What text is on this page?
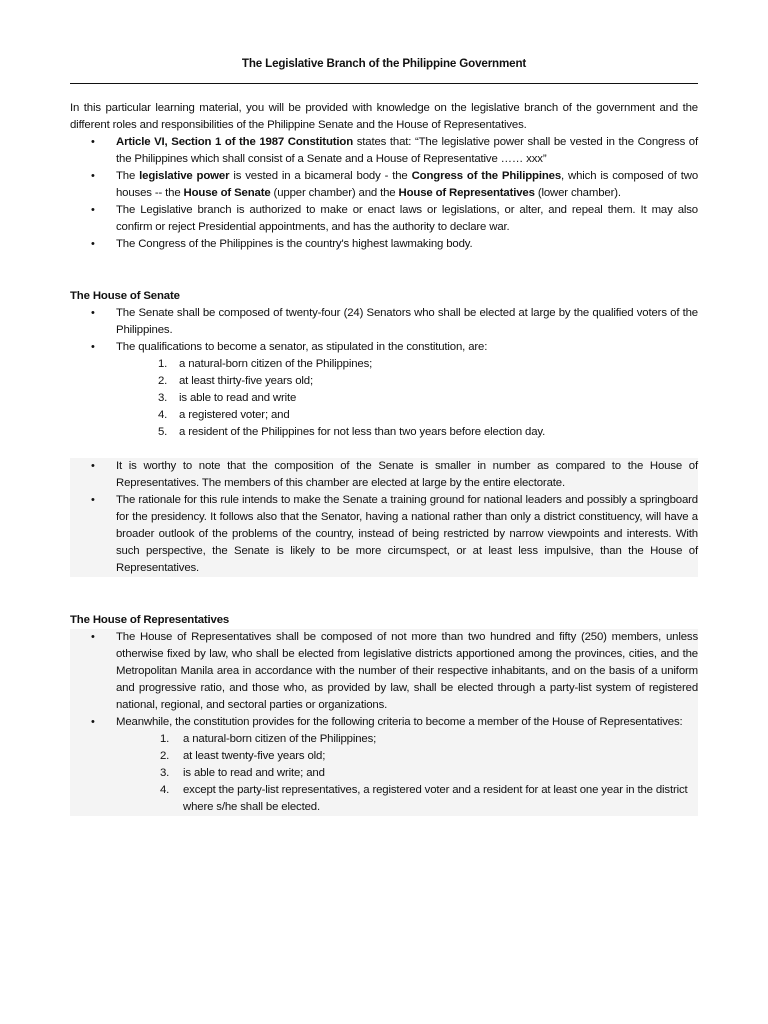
The Legislative Branch of the Philippine Government

In this particular learning material, you will be provided with knowledge on the legislative branch of the government and the different roles and responsibilities of the Philippine Senate and the House of Representatives.

• Article VI, Section 1 of the 1987 Constitution states that: “The legislative power shall be vested in the Congress of the Philippines which shall consist of a Senate and a House of Representative …… xxx”
• The legislative power is vested in a bicameral body - the Congress of the Philippines, which is composed of two houses -- the House of Senate (upper chamber) and the House of Representatives (lower chamber).
• The Legislative branch is authorized to make or enact laws or legislations, or alter, and repeal them. It may also confirm or reject Presidential appointments, and has the authority to declare war.
• The Congress of the Philippines is the country's highest lawmaking body.
The House of Senate
• The Senate shall be composed of twenty-four (24) Senators who shall be elected at large by the qualified voters of the Philippines.
• The qualifications to become a senator, as stipulated in the constitution, are:
1. a natural-born citizen of the Philippines;
2. at least thirty-five years old;
3. is able to read and write
4. a registered voter; and
5. a resident of the Philippines for not less than two years before election day.
• It is worthy to note that the composition of the Senate is smaller in number as compared to the House of Representatives. The members of this chamber are elected at large by the entire electorate.
• The rationale for this rule intends to make the Senate a training ground for national leaders and possibly a springboard for the presidency. It follows also that the Senator, having a national rather than only a district constituency, will have a broader outlook of the problems of the country, instead of being restricted by narrow viewpoints and interests. With such perspective, the Senate is likely to be more circumspect, or at least less impulsive, than the House of Representatives.
The House of Representatives
• The House of Representatives shall be composed of not more than two hundred and fifty (250) members, unless otherwise fixed by law, who shall be elected from legislative districts apportioned among the provinces, cities, and the Metropolitan Manila area in accordance with the number of their respective inhabitants, and on the basis of a uniform and progressive ratio, and those who, as provided by law, shall be elected through a party-list system of registered national, regional, and sectoral parties or organizations.
• Meanwhile, the constitution provides for the following criteria to become a member of the House of Representatives:
1. a natural-born citizen of the Philippines;
2. at least twenty-five years old;
3. is able to read and write; and
4. except the party-list representatives, a registered voter and a resident for at least one year in the district where s/he shall be elected.
